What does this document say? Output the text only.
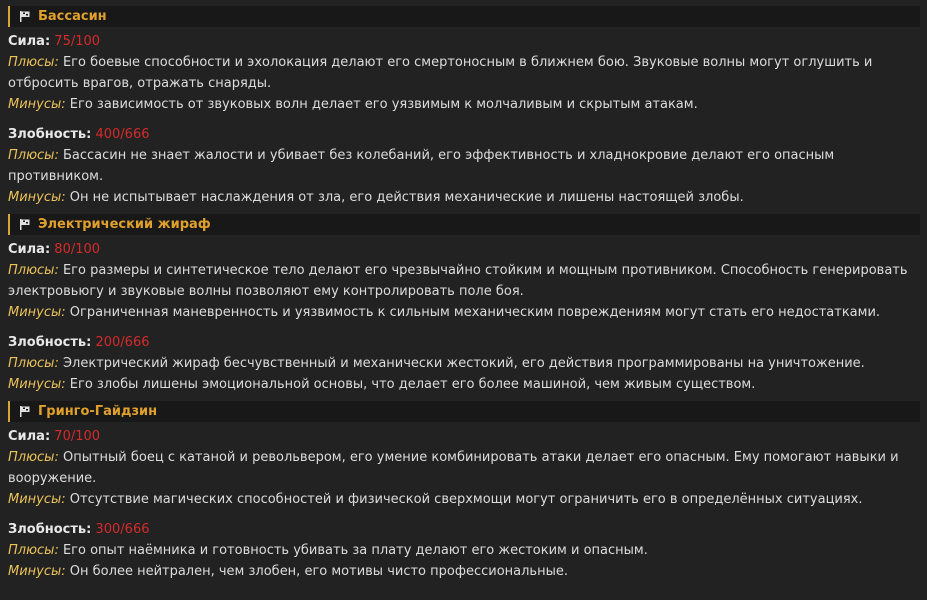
Бассасин
Сила: 75/100
Плюсы: Его боевые способности и эхолокация делают его смертоносным в ближнем бою. Звуковые волны могут оглушить и отбросить врагов, отражать снаряды.
Минусы: Его зависимость от звуковых волн делает его уязвимым к молчаливым и скрытым атакам.
Злобность: 400/666
Плюсы: Бассасин не знает жалости и убивает без колебаний, его эффективность и хладнокровие делают его опасным противником.
Минусы: Он не испытывает наслаждения от зла, его действия механические и лишены настоящей злобы.
Электрический жираф
Сила: 80/100
Плюсы: Его размеры и синтетическое тело делают его чрезвычайно стойким и мощным противником. Способность генерировать электровьюгу и звуковые волны позволяют ему контролировать поле боя.
Минусы: Ограниченная маневренность и уязвимость к сильным механическим повреждениям могут стать его недостатками.
Злобность: 200/666
Плюсы: Электрический жираф бесчувственный и механически жестокий, его действия программированы на уничтожение.
Минусы: Его злобы лишены эмоциональной основы, что делает его более машиной, чем живым существом.
Гринго-Гайдзин
Сила: 70/100
Плюсы: Опытный боец с катаной и револьвером, его умение комбинировать атаки делает его опасным. Ему помогают навыки и вооружение.
Минусы: Отсутствие магических способностей и физической сверхмощи могут ограничить его в определённых ситуациях.
Злобность: 300/666
Плюсы: Его опыт наёмника и готовность убивать за плату делают его жестоким и опасным.
Минусы: Он более нейтрален, чем злобен, его мотивы чисто профессиональные.
